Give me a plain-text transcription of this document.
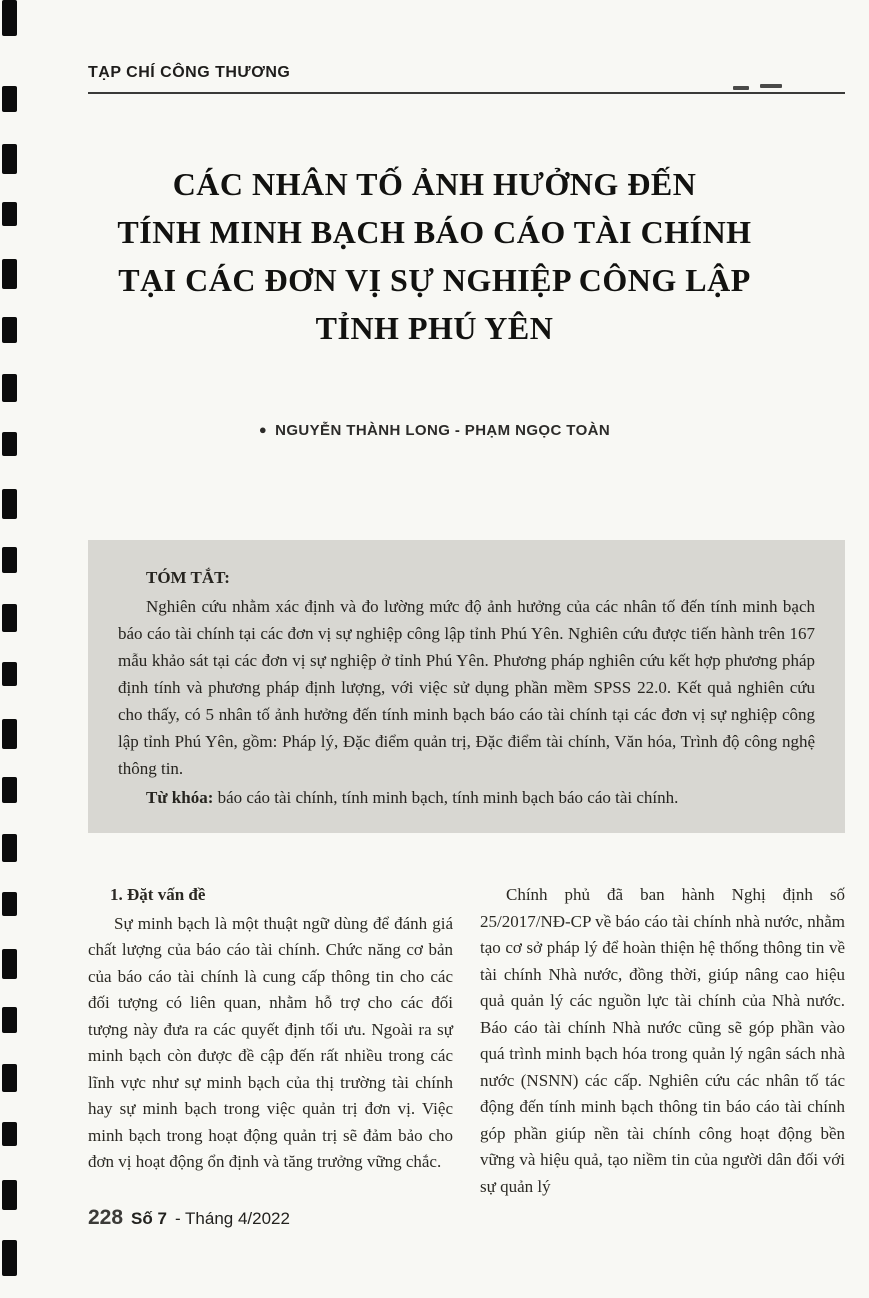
TẠP CHÍ CÔNG THƯƠNG
CÁC NHÂN TỐ ẢNH HƯỞNG ĐẾN
TÍNH MINH BẠCH BÁO CÁO TÀI CHÍNH
TẠI CÁC ĐƠN VỊ SỰ NGHIỆP CÔNG LẬP
TỈNH PHÚ YÊN
● NGUYỄN THÀNH LONG - PHẠM NGỌC TOÀN

TÓM TẮT:

Nghiên cứu nhằm xác định và đo lường mức độ ảnh hưởng của các nhân tố đến tính minh bạch báo cáo tài chính tại các đơn vị sự nghiệp công lập tỉnh Phú Yên. Nghiên cứu được tiến hành trên 167 mẫu khảo sát tại các đơn vị sự nghiệp ở tỉnh Phú Yên. Phương pháp nghiên cứu kết hợp phương pháp định tính và phương pháp định lượng, với việc sử dụng phần mềm SPSS 22.0. Kết quả nghiên cứu cho thấy, có 5 nhân tố ảnh hưởng đến tính minh bạch báo cáo tài chính tại các đơn vị sự nghiệp công lập tỉnh Phú Yên, gồm: Pháp lý, Đặc điểm quản trị, Đặc điểm tài chính, Văn hóa, Trình độ công nghệ thông tin.

Từ khóa: báo cáo tài chính, tính minh bạch, tính minh bạch báo cáo tài chính.

1. Đặt vấn đề

Sự minh bạch là một thuật ngữ dùng để đánh giá chất lượng của báo cáo tài chính. Chức năng cơ bản của báo cáo tài chính là cung cấp thông tin cho các đối tượng có liên quan, nhằm hỗ trợ cho các đối tượng này đưa ra các quyết định tối ưu. Ngoài ra sự minh bạch còn được đề cập đến rất nhiều trong các lĩnh vực như sự minh bạch của thị trường tài chính hay sự minh bạch trong việc quản trị đơn vị. Việc minh bạch trong hoạt động quản trị sẽ đảm bảo cho đơn vị hoạt động ổn định và tăng trưởng vững chắc.

Chính phủ đã ban hành Nghị định số 25/2017/NĐ-CP về báo cáo tài chính nhà nước, nhằm tạo cơ sở pháp lý để hoàn thiện hệ thống thông tin về tài chính Nhà nước, đồng thời, giúp nâng cao hiệu quả quản lý các nguồn lực tài chính của Nhà nước. Báo cáo tài chính Nhà nước cũng sẽ góp phần vào quá trình minh bạch hóa trong quản lý ngân sách nhà nước (NSNN) các cấp. Nghiên cứu các nhân tố tác động đến tính minh bạch thông tin báo cáo tài chính góp phần giúp nền tài chính công hoạt động bền vững và hiệu quả, tạo niềm tin của người dân đối với sự quản lý

228 Số 7 - Tháng 4/2022
